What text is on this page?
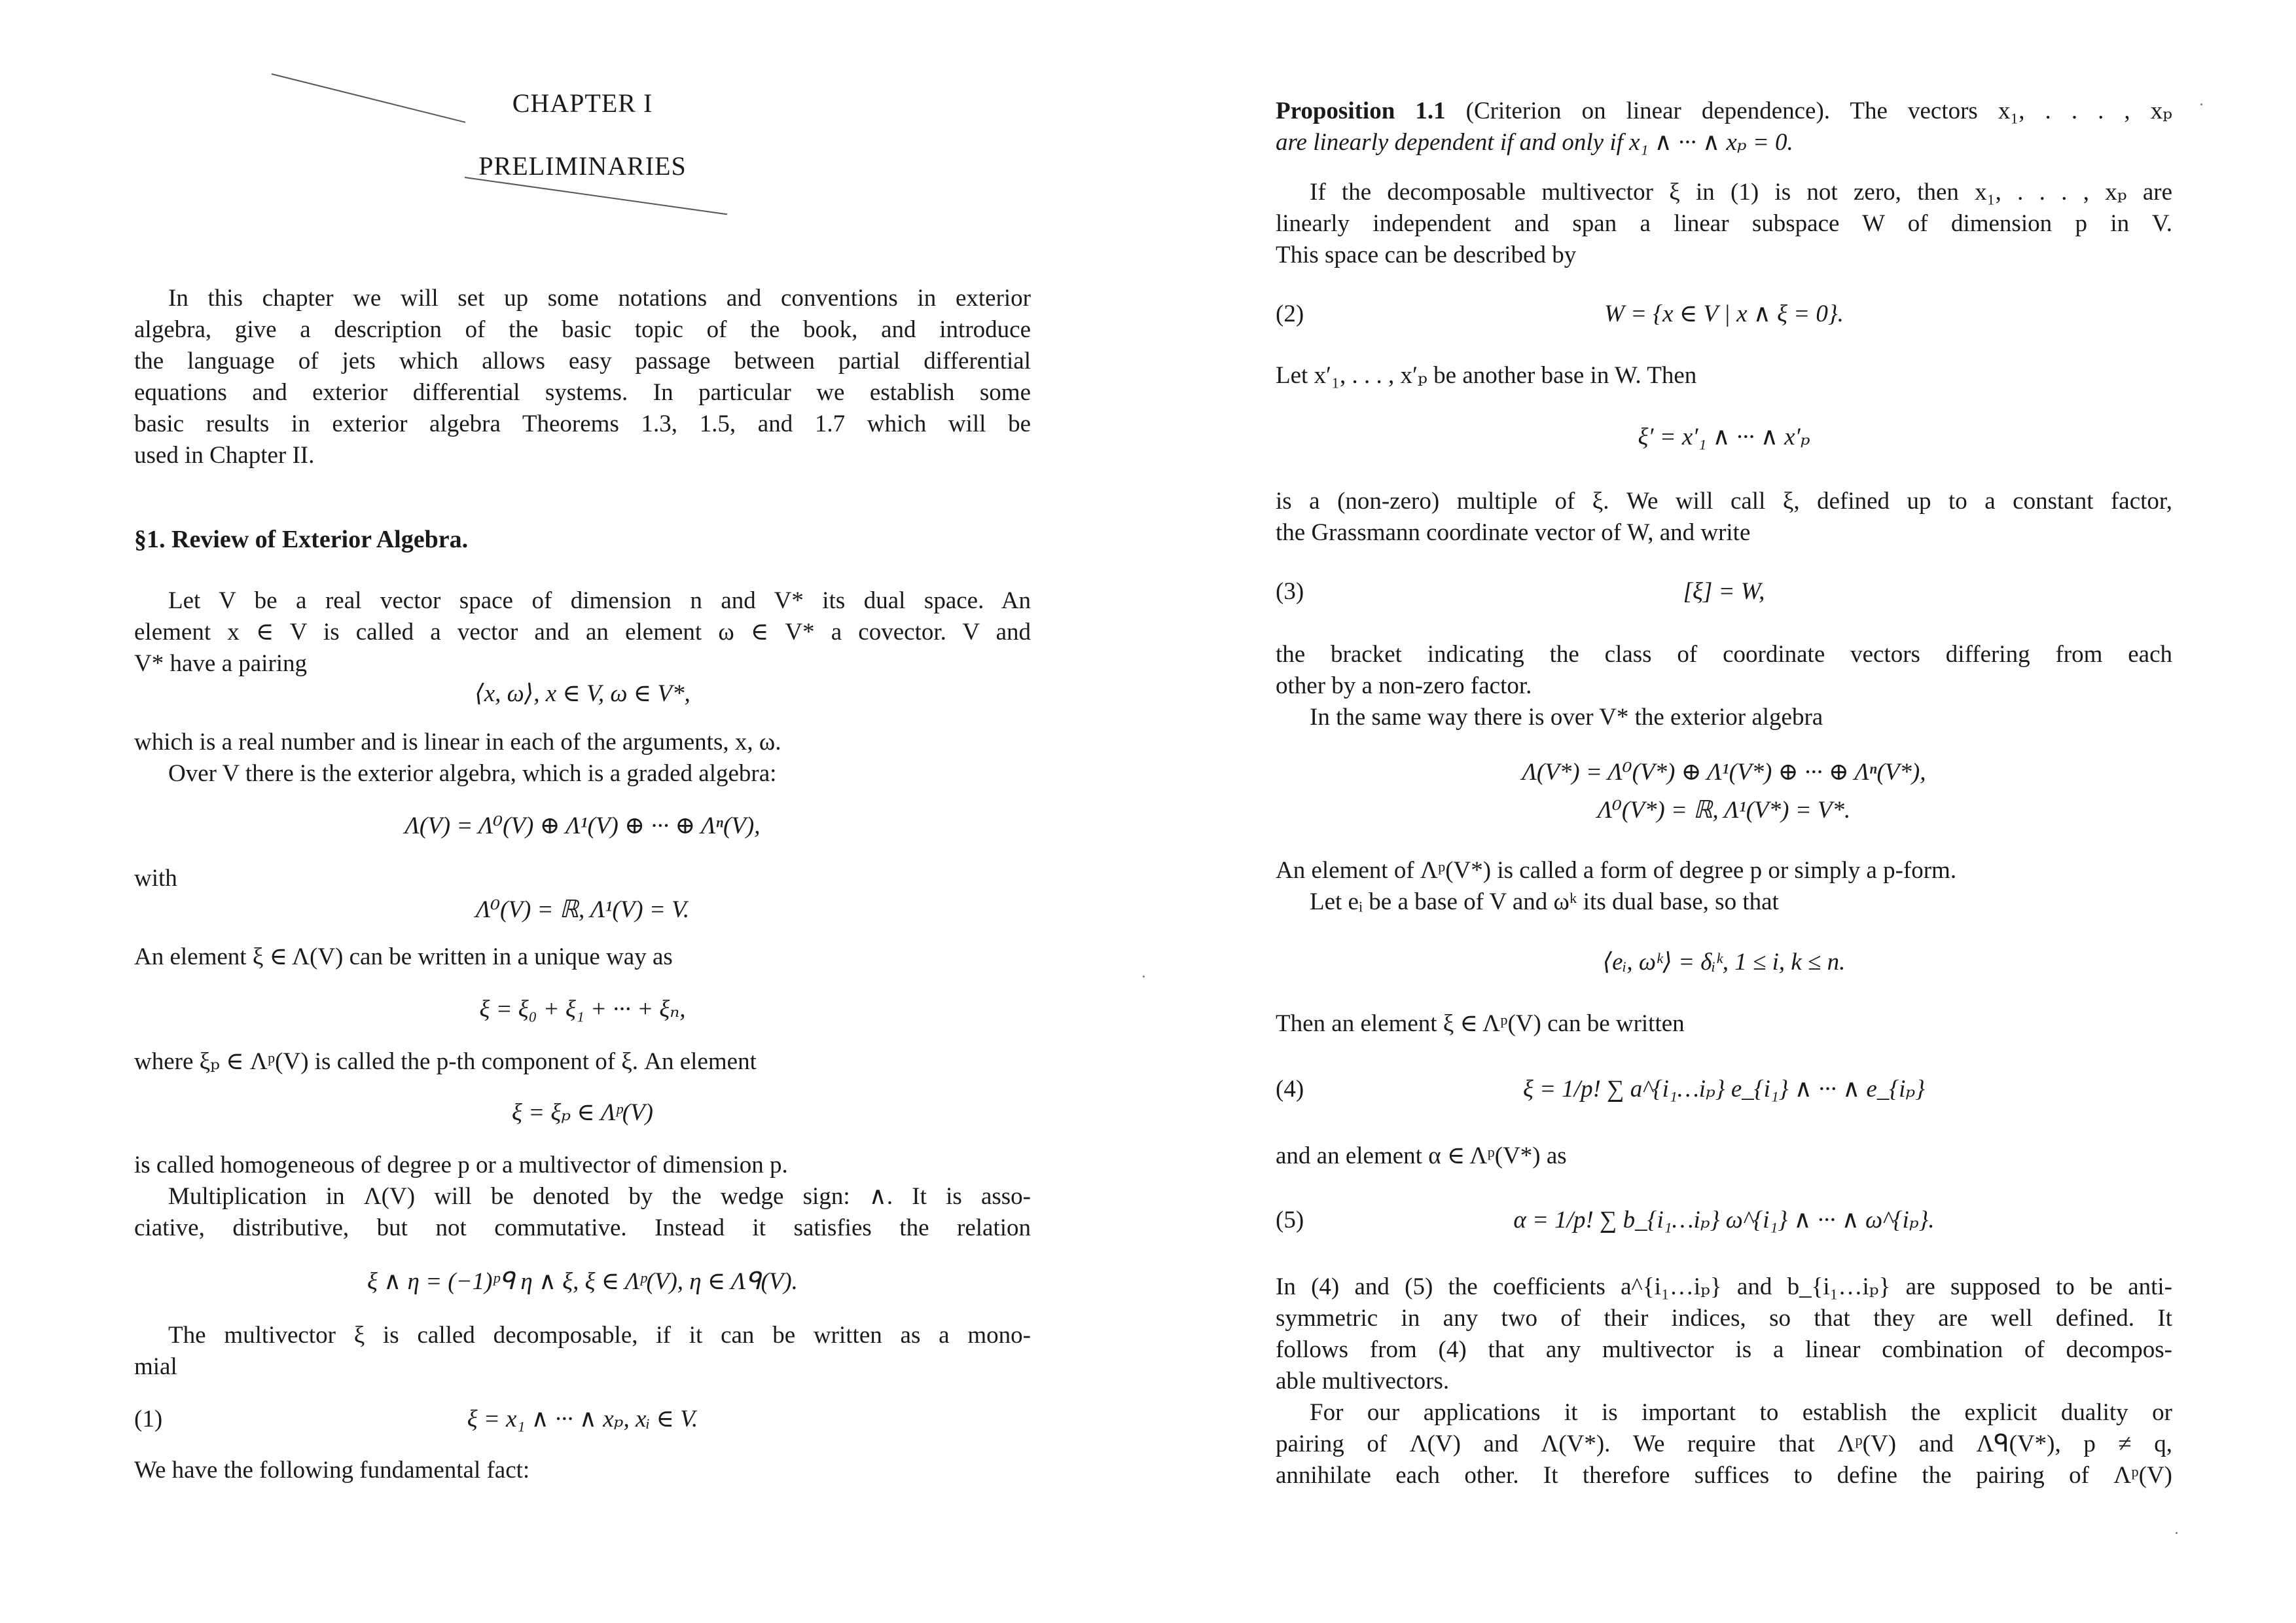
CHAPTER I
PRELIMINARIES
In this chapter we will set up some notations and conventions in exterior
algebra, give a description of the basic topic of the book, and introduce
the language of jets which allows easy passage between partial differential
equations and exterior differential systems. In particular we establish some
basic results in exterior algebra Theorems 1.3, 1.5, and 1.7 which will be
used in Chapter II.
§1. Review of Exterior Algebra.
Let V be a real vector space of dimension n and V* its dual space. An
element x ∈ V is called a vector and an element ω ∈ V* a covector. V and
V* have a pairing
⟨x, ω⟩, x ∈ V, ω ∈ V*,
which is a real number and is linear in each of the arguments, x, ω.
Over V there is the exterior algebra, which is a graded algebra:
Λ(V) = Λ⁰(V) ⊕ Λ¹(V) ⊕ ··· ⊕ Λⁿ(V),
with
Λ⁰(V) = ℝ, Λ¹(V) = V.
An element ξ ∈ Λ(V) can be written in a unique way as
ξ = ξ₀ + ξ₁ + ··· + ξₙ,
where ξₚ ∈ Λᵖ(V) is called the p-th component of ξ. An element
ξ = ξₚ ∈ Λᵖ(V)
is called homogeneous of degree p or a multivector of dimension p.
Multiplication in Λ(V) will be denoted by the wedge sign: ∧. It is asso-
ciative, distributive, but not commutative. Instead it satisfies the relation
ξ ∧ η = (−1)ᵖᑫ η ∧ ξ, ξ ∈ Λᵖ(V), η ∈ Λᑫ(V).
The multivector ξ is called decomposable, if it can be written as a mono-
mial
(1)	ξ = x₁ ∧ ··· ∧ xₚ, xᵢ ∈ V.
We have the following fundamental fact:
Proposition 1.1 (Criterion on linear dependence). The vectors x₁, . . . , xₚ
are linearly dependent if and only if x₁ ∧ ··· ∧ xₚ = 0.
If the decomposable multivector ξ in (1) is not zero, then x₁, . . . , xₚ are
linearly independent and span a linear subspace W of dimension p in V.
This space can be described by
(2)	W = {x ∈ V | x ∧ ξ = 0}.
Let x′₁, . . . , x′ₚ be another base in W. Then
ξ′ = x′₁ ∧ ··· ∧ x′ₚ
is a (non-zero) multiple of ξ. We will call ξ, defined up to a constant factor,
the Grassmann coordinate vector of W, and write
(3)	[ξ] = W,
the bracket indicating the class of coordinate vectors differing from each
other by a non-zero factor.
In the same way there is over V* the exterior algebra
Λ(V*) = Λ⁰(V*) ⊕ Λ¹(V*) ⊕ ··· ⊕ Λⁿ(V*),
Λ⁰(V*) = ℝ, Λ¹(V*) = V*.
An element of Λᵖ(V*) is called a form of degree p or simply a p-form.
Let eᵢ be a base of V and ωᵏ its dual base, so that
⟨eᵢ, ωᵏ⟩ = δᵢᵏ, 1 ≤ i, k ≤ n.
Then an element ξ ∈ Λᵖ(V) can be written
(4)	ξ = 1/p! ∑ a^{i₁…iₚ} e_{i₁} ∧ ··· ∧ e_{iₚ}
and an element α ∈ Λᵖ(V*) as
(5)	α = 1/p! ∑ b_{i₁…iₚ} ω^{i₁} ∧ ··· ∧ ω^{iₚ}.
In (4) and (5) the coefficients a^{i₁…iₚ} and b_{i₁…iₚ} are supposed to be anti-
symmetric in any two of their indices, so that they are well defined. It
follows from (4) that any multivector is a linear combination of decompos-
able multivectors.
For our applications it is important to establish the explicit duality or
pairing of Λ(V) and Λ(V*). We require that Λᵖ(V) and Λᑫ(V*), p ≠ q,
annihilate each other. It therefore suffices to define the pairing of Λᵖ(V)
